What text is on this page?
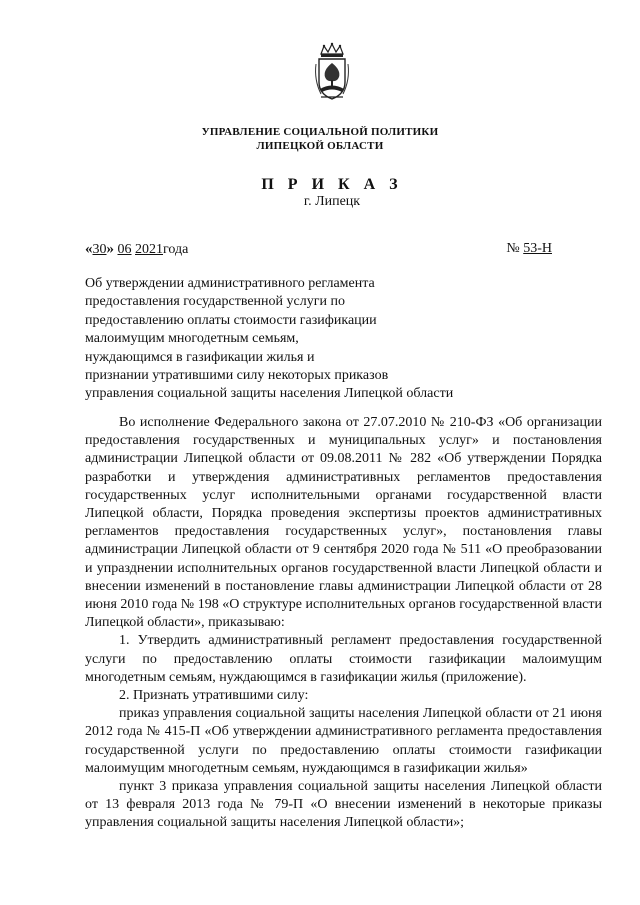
УПРАВЛЕНИЕ СОЦИАЛЬНОЙ ПОЛИТИКИ
ЛИПЕЦКОЙ ОБЛАСТИ
П Р И К А З
г. Липецк
«30» 06 2021года	№ 53-Н
Об утверждении административного регламента
предоставления государственной услуги по
предоставлению оплаты стоимости газификации
малоимущим многодетным семьям,
нуждающимся в газификации жилья и
признании утратившими силу некоторых приказов
управления социальной защиты населения Липецкой области

Во исполнение Федерального закона от 27.07.2010 № 210-ФЗ «Об организации предоставления государственных и муниципальных услуг» и постановления администрации Липецкой области от 09.08.2011 № 282 «Об утверждении Порядка разработки и утверждения административных регламентов предоставления государственных услуг исполнительными органами государственной власти Липецкой области, Порядка проведения экспертизы проектов административных регламентов предоставления государственных услуг», постановления главы администрации Липецкой области от 9 сентября 2020 года № 511 «О преобразовании и упразднении исполнительных органов государственной власти Липецкой области и внесении изменений в постановление главы администрации Липецкой области от 28 июня 2010 года № 198 «О структуре исполнительных органов государственной власти Липецкой области», приказываю:

1. Утвердить административный регламент предоставления государственной услуги по предоставлению оплаты стоимости газификации малоимущим многодетным семьям, нуждающимся в газификации жилья (приложение).

2. Признать утратившими силу:

приказ управления социальной защиты населения Липецкой области от 21 июня 2012 года № 415-П «Об утверждении административного регламента предоставления государственной услуги по предоставлению оплаты стоимости газификации малоимущим многодетным семьям, нуждающимся в газификации жилья»

пункт 3 приказа управления социальной защиты населения Липецкой области от 13 февраля 2013 года № 79-П «О внесении изменений в некоторые приказы управления социальной защиты населения Липецкой области»;
